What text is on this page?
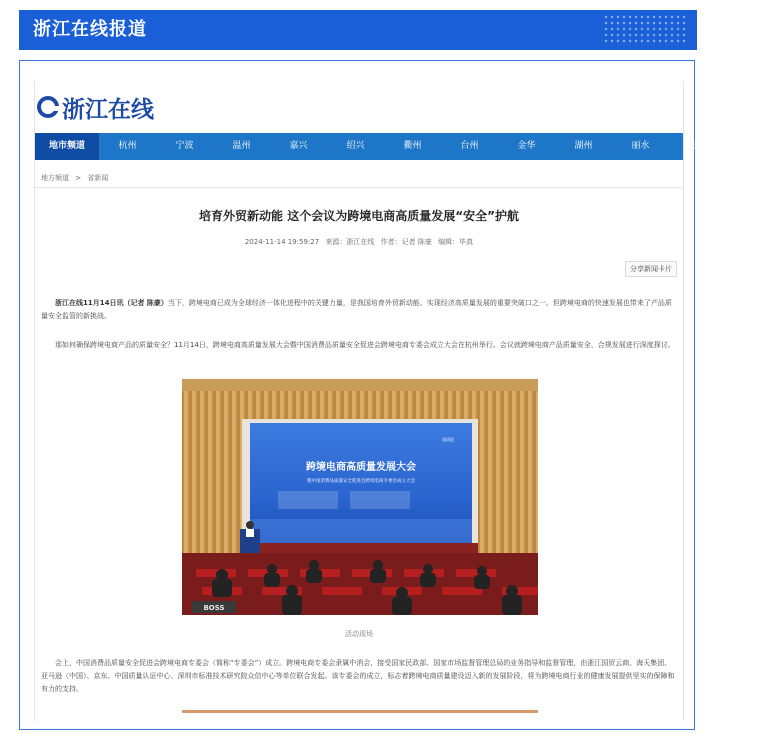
浙江在线报道
浙江在线
地市频道	杭州	宁波	温州	嘉兴	绍兴	衢州	台州	金华	湖州	丽水	舟山	义乌
地方频道 > 省新闻
培育外贸新动能 这个会议为跨境电商高质量发展“安全”护航
2024-11-14 19:59:27 来源：浙江在线 作者：记者 陈豪 编辑：毕真
分享新闻卡片
浙江在线11月14日讯（记者 陈豪）当下，跨境电商已成为全球经济一体化进程中的关键力量，是我国培育外贸新动能、实现经济高质量发展的重要突破口之一。但跨境电商的快速发展也带来了产品质量安全监管的新挑战。
那如何确保跨境电商产品的质量安全？11月14日，跨境电商高质量发展大会暨中国消费品质量安全促进会跨境电商专委会成立大会在杭州举行。会议就跨境电商产品质量安全、合规发展进行深度探讨。
跨境电商高质量发展大会
暨中国消费品质量安全促进会跨境电商专委会成立大会
国质促
BOSS
活动现场
会上，中国消费品质量安全促进会跨境电商专委会（简称“专委会”）成立。跨境电商专委会隶属中消会，接受国家民政部、国家市场监督管理总局的业务指导和监督管理，由浙江国贸云商、海天集团、亚马逊（中国）、京东、中国质量认证中心、深圳市标准技术研究院众信中心等单位联合发起。该专委会的成立，标志着跨境电商质量建设迈入新的发展阶段，将为跨境电商行业的健康发展提供坚实的保障和有力的支持。
